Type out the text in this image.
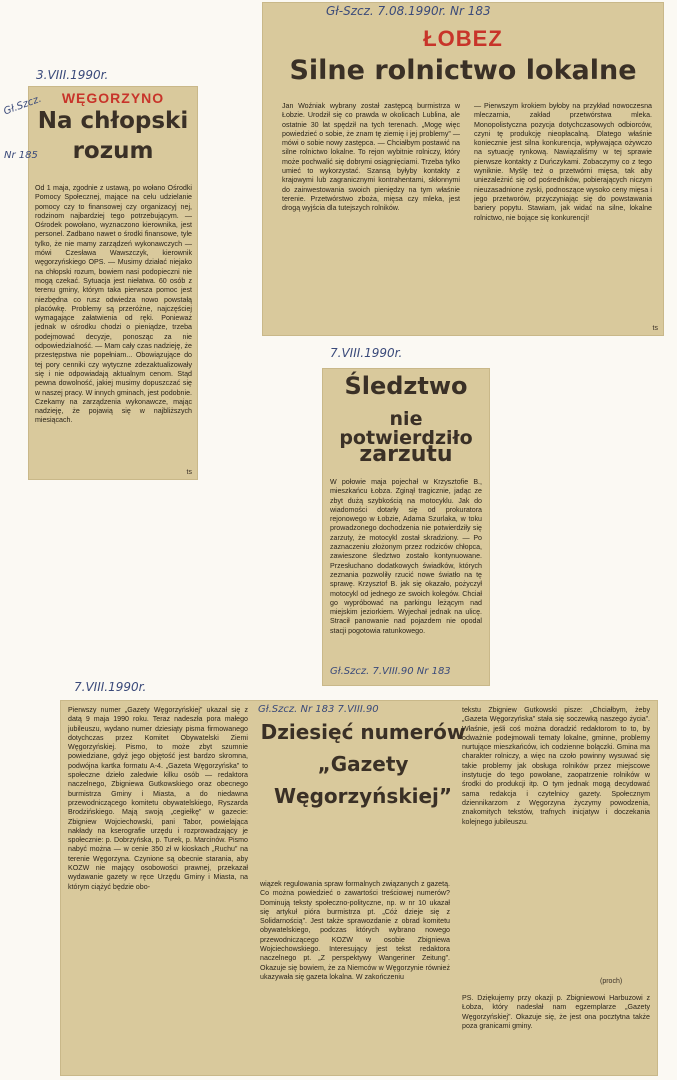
WĘGORZYNO
Na chłopski
rozum
Od 1 maja, zgodnie z ustawą, po wołano Ośrodki Pomocy Społecznej, mające na celu udzielanie pomocy czy to finansowej czy organizacyj nej, rodzinom najbardziej tego potrzebującym. — Ośrodek powołano, wyznaczono kierownika, jest personel. Zadbano nawet o środki finansowe, tyle tylko, że nie mamy zarządzeń wykonawczych — mówi Czesława Wawszczyk, kierownik węgorzyńskiego OPS. — Musimy działać niejako na chłopski rozum, bowiem nasi podopieczni nie mogą czekać. Sytuacja jest niełatwa. 60 osób z terenu gminy, którym taka pierwsza pomoc jest niezbędna co rusz odwiedza nowo powstałą placówkę. Problemy są przeróżne, najczęściej wymagające załatwienia od ręki. Ponieważ jednak w ośrodku chodzi o pieniądze, trzeba podejmować decyzje, ponosząc za nie odpowiedzialność. — Mam cały czas nadzieję, że przestępstwa nie popełniam... Obowiązujące do tej pory cenniki czy wytyczne zdezaktualizowały się i nie odpowiadają aktualnym cenom. Stąd pewna dowolność, jakiej musimy dopuszczać się w naszej pracy. W innych gminach, jest podobnie. Czekamy na zarządzenia wykonawcze, mając nadzieję, że pojawią się w najbliższych miesiącach.
ts
3.VIII.1990r.
Gł.Szcz.
Nr 185
Gł-Szcz. 7.08.1990r. Nr 183
ŁOBEZ
Silne rolnictwo lokalne
Jan Woźniak wybrany został zastępcą burmistrza w Łobzie. Urodził się co prawda w okolicach Lublina, ale ostatnie 30 lat spędził na tych terenach. „Mogę więc powiedzieć o sobie, że znam tę ziemię i jej problemy” — mówi o sobie nowy zastępca. — Chciałbym postawić na silne rolnictwo lokalne. To rejon wybitnie rolniczy, który może pochwalić się dobrymi osiągnięciami. Trzeba tylko umieć to wykorzystać. Szansą byłyby kontakty z krajowymi lub zagranicznymi kontrahentami, skłonnymi do zainwestowania swoich pieniędzy na tym właśnie terenie. Przetwórstwo zboża, mięsa czy mleka, jest drogą wyjścia dla tutejszych rolników.
— Pierwszym krokiem byłoby na przykład nowoczesna mleczarnia, zakład przetwórstwa mleka. Monopolistyczna pozycja dotychczasowych odbiorców, czyni tę produkcję nieopłacalną. Dlatego właśnie koniecznie jest silna konkurencja, wpływająca ożywczo na sytuację rynkową. Nawiązaliśmy w tej sprawie pierwsze kontakty z Duńczykami. Zobaczymy co z tego wyniknie. Myślę też o przetwórni mięsa, tak aby uniezależnić się od pośredników, pobierających niczym nieuzasadnione zyski, podnoszące wysoko ceny mięsa i jego przetworów, przyczyniając się do powstawania bariery popytu. Stawiam, jak widać na silne, lokalne rolnictwo, nie bojące się konkurencji!
ts
Śledztwo
nie potwierdziło
zarzutu
W połowie maja pojechał w Krzysztofie B., mieszkańcu Łobza. Zginął tragicznie, jadąc ze zbyt dużą szybkością na motocyklu. Jak do wiadomości dotarły się od prokuratora rejonowego w Łobzie, Adama Szurlaka, w toku prowadzonego dochodzenia nie potwierdziły się zarzuty, że motocykl został skradziony. — Po zaznaczeniu złożonym przez rodziców chłopca, zawieszone śledztwo zostało kontynuowane. Przesłuchano dodatkowych świadków, których zeznania pozwoliły rzucić nowe światło na tę sprawę. Krzysztof B. jak się okazało, pożyczył motocykl od jednego ze swoich kolegów. Chciał go wypróbować na parkingu leżącym nad miejskim jeziorkiem. Wyjechał jednak na ulicę. Stracił panowanie nad pojazdem nie opodal stacji pogotowia ratunkowego.
Gł.Szcz. 7.VIII.90 Nr 183
7.VIII.1990r.
Pierwszy numer „Gazety Węgorzyńskiej” ukazał się z datą 9 maja 1990 roku. Teraz nadeszła pora małego jubileuszu, wydano numer dziesiąty pisma firmowanego dotychczas przez Komitet Obywatelski Ziemi Węgorzyńskiej. Pismo, to może zbyt szumnie powiedziane, gdyż jego objętość jest bardzo skromna, podwójna kartka formatu A-4. „Gazeta Węgorzyńska” to społeczne dzieło zaledwie kilku osób — redaktora naczelnego, Zbigniewa Gutkowskiego oraz obecnego burmistrza Gminy i Miasta, a do niedawna przewodniczącego komitetu obywatelskiego, Ryszarda Brodzińskiego. Mają swoją „cegiełkę” w gazecie: Zbigniew Wojciechowski, pani Tabor, powielająca nakłady na kserografie urzędu i rozprowadzający je społecznie: p. Dobrzyńska, p. Turek, p. Marcinów. Pismo nabyć można — w cenie 350 zł w kioskach „Ruchu” na terenie Węgorzyna. Czynione są obecnie starania, aby KOZW nie mający osobowości prawnej, przekazał wydawanie gazety w ręce Urzędu Gminy i Miasta, na którym ciążyć będzie obo-
Gł.Szcz. Nr 183 7.VIII.90
Dziesięć numerów
„Gazety
Węgorzyńskiej”
wiązek regulowania spraw formalnych związanych z gazetą. Co można powiedzieć o zawartości treściowej numerów? Dominują teksty społeczno-polityczne, np. w nr 10 ukazał się artykuł pióra burmistrza pt. „Cóż dzieje się z Solidarnością”. Jest także sprawozdanie z obrad komitetu obywatelskiego, podczas których wybrano nowego przewodniczącego KOZW w osobie Zbigniewa Wojciechowskiego. Interesujący jest tekst redaktora naczelnego pt. „Z perspektywy Wangeriner Zeitung”. Okazuje się bowiem, że za Niemców w Węgorzynie również ukazywała się gazeta lokalna. W zakończeniu
tekstu Zbigniew Gutkowski pisze: „Chciałbym, żeby „Gazeta Węgorzyńska” stała się soczewką naszego życia”. Właśnie, jeśli coś można doradzić redaktorom to to, by odważnie podejmowali tematy lokalne, gminne, problemy nurtujące mieszkańców, ich codzienne bolączki. Gmina ma charakter rolniczy, a więc na czoło powinny wysuwać się takie problemy jak obsługa rolników przez miejscowe instytucje do tego powołane, zaopatrzenie rolników w środki do produkcji itp. O tym jednak mogą decydować sama redakcja i czytelnicy gazety. Społecznym dziennikarzom z Węgorzyna życzymy powodzenia, znakomitych tekstów, trafnych inicjatyw i doczekania kolejnego jubileuszu.
(proch)
PS. Dziękujemy przy okazji p. Zbigniewowi Harbuzowi z Łobza, który nadesłał nam egzemplarze „Gazety Węgorzyńskiej”. Okazuje się, że jest ona pocztytna także poza granicami gminy.
7.VIII.1990r.
